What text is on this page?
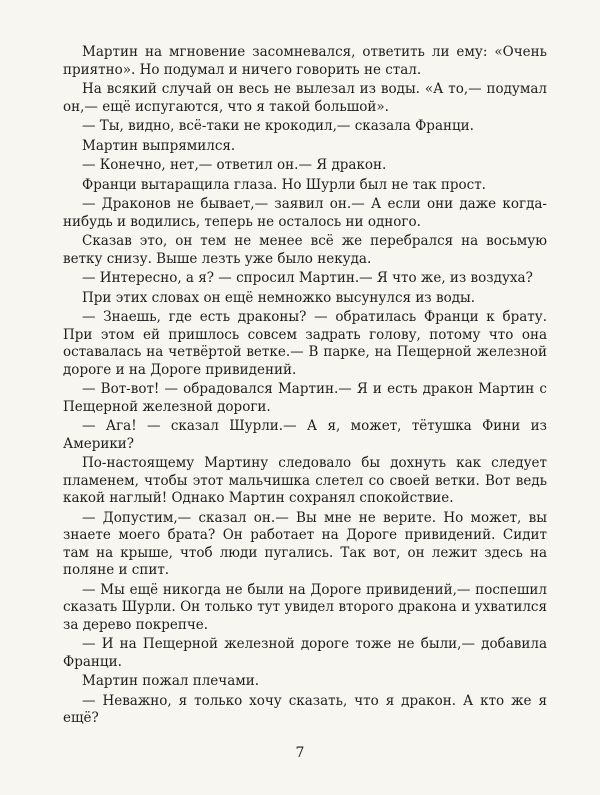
Мартин на мгновение засомневался, ответить ли ему: «Очень приятно». Но подумал и ничего говорить не стал.

На всякий случай он весь не вылезал из воды. «А то,— подумал он,— ещё испугаются, что я такой большой».

— Ты, видно, всё-таки не крокодил,— сказала Франци.

Мартин выпрямился.

— Конечно, нет,— ответил он.— Я дракон.

Франци вытаращила глаза. Но Шурли был не так прост.

— Драконов не бывает,— заявил он.— А если они даже когда-нибудь и водились, теперь не осталось ни одного.

Сказав это, он тем не менее всё же перебрался на восьмую ветку снизу. Выше лезть уже было некуда.

— Интересно, а я? — спросил Мартин.— Я что же, из воздуха?

При этих словах он ещё немножко высунулся из воды.

— Знаешь, где есть драконы? — обратилась Франци к брату. При этом ей пришлось совсем задрать голову, потому что она оставалась на четвёртой ветке.— В парке, на Пещерной железной дороге и на Дороге привидений.

— Вот-вот! — обрадовался Мартин.— Я и есть дракон Мартин с Пещерной железной дороги.

— Ага! — сказал Шурли.— А я, может, тётушка Фини из Америки?

По-настоящему Мартину следовало бы дохнуть как следует пламенем, чтобы этот мальчишка слетел со своей ветки. Вот ведь какой наглый! Однако Мартин сохранял спокойствие.

— Допустим,— сказал он.— Вы мне не верите. Но может, вы знаете моего брата? Он работает на Дороге привидений. Сидит там на крыше, чтоб люди пугались. Так вот, он лежит здесь на поляне и спит.

— Мы ещё никогда не были на Дороге привидений,— поспешил сказать Шурли. Он только тут увидел второго дракона и ухватился за дерево покрепче.

— И на Пещерной железной дороге тоже не были,— добавила Франци.

Мартин пожал плечами.

— Неважно, я только хочу сказать, что я дракон. А кто же я ещё?

7
